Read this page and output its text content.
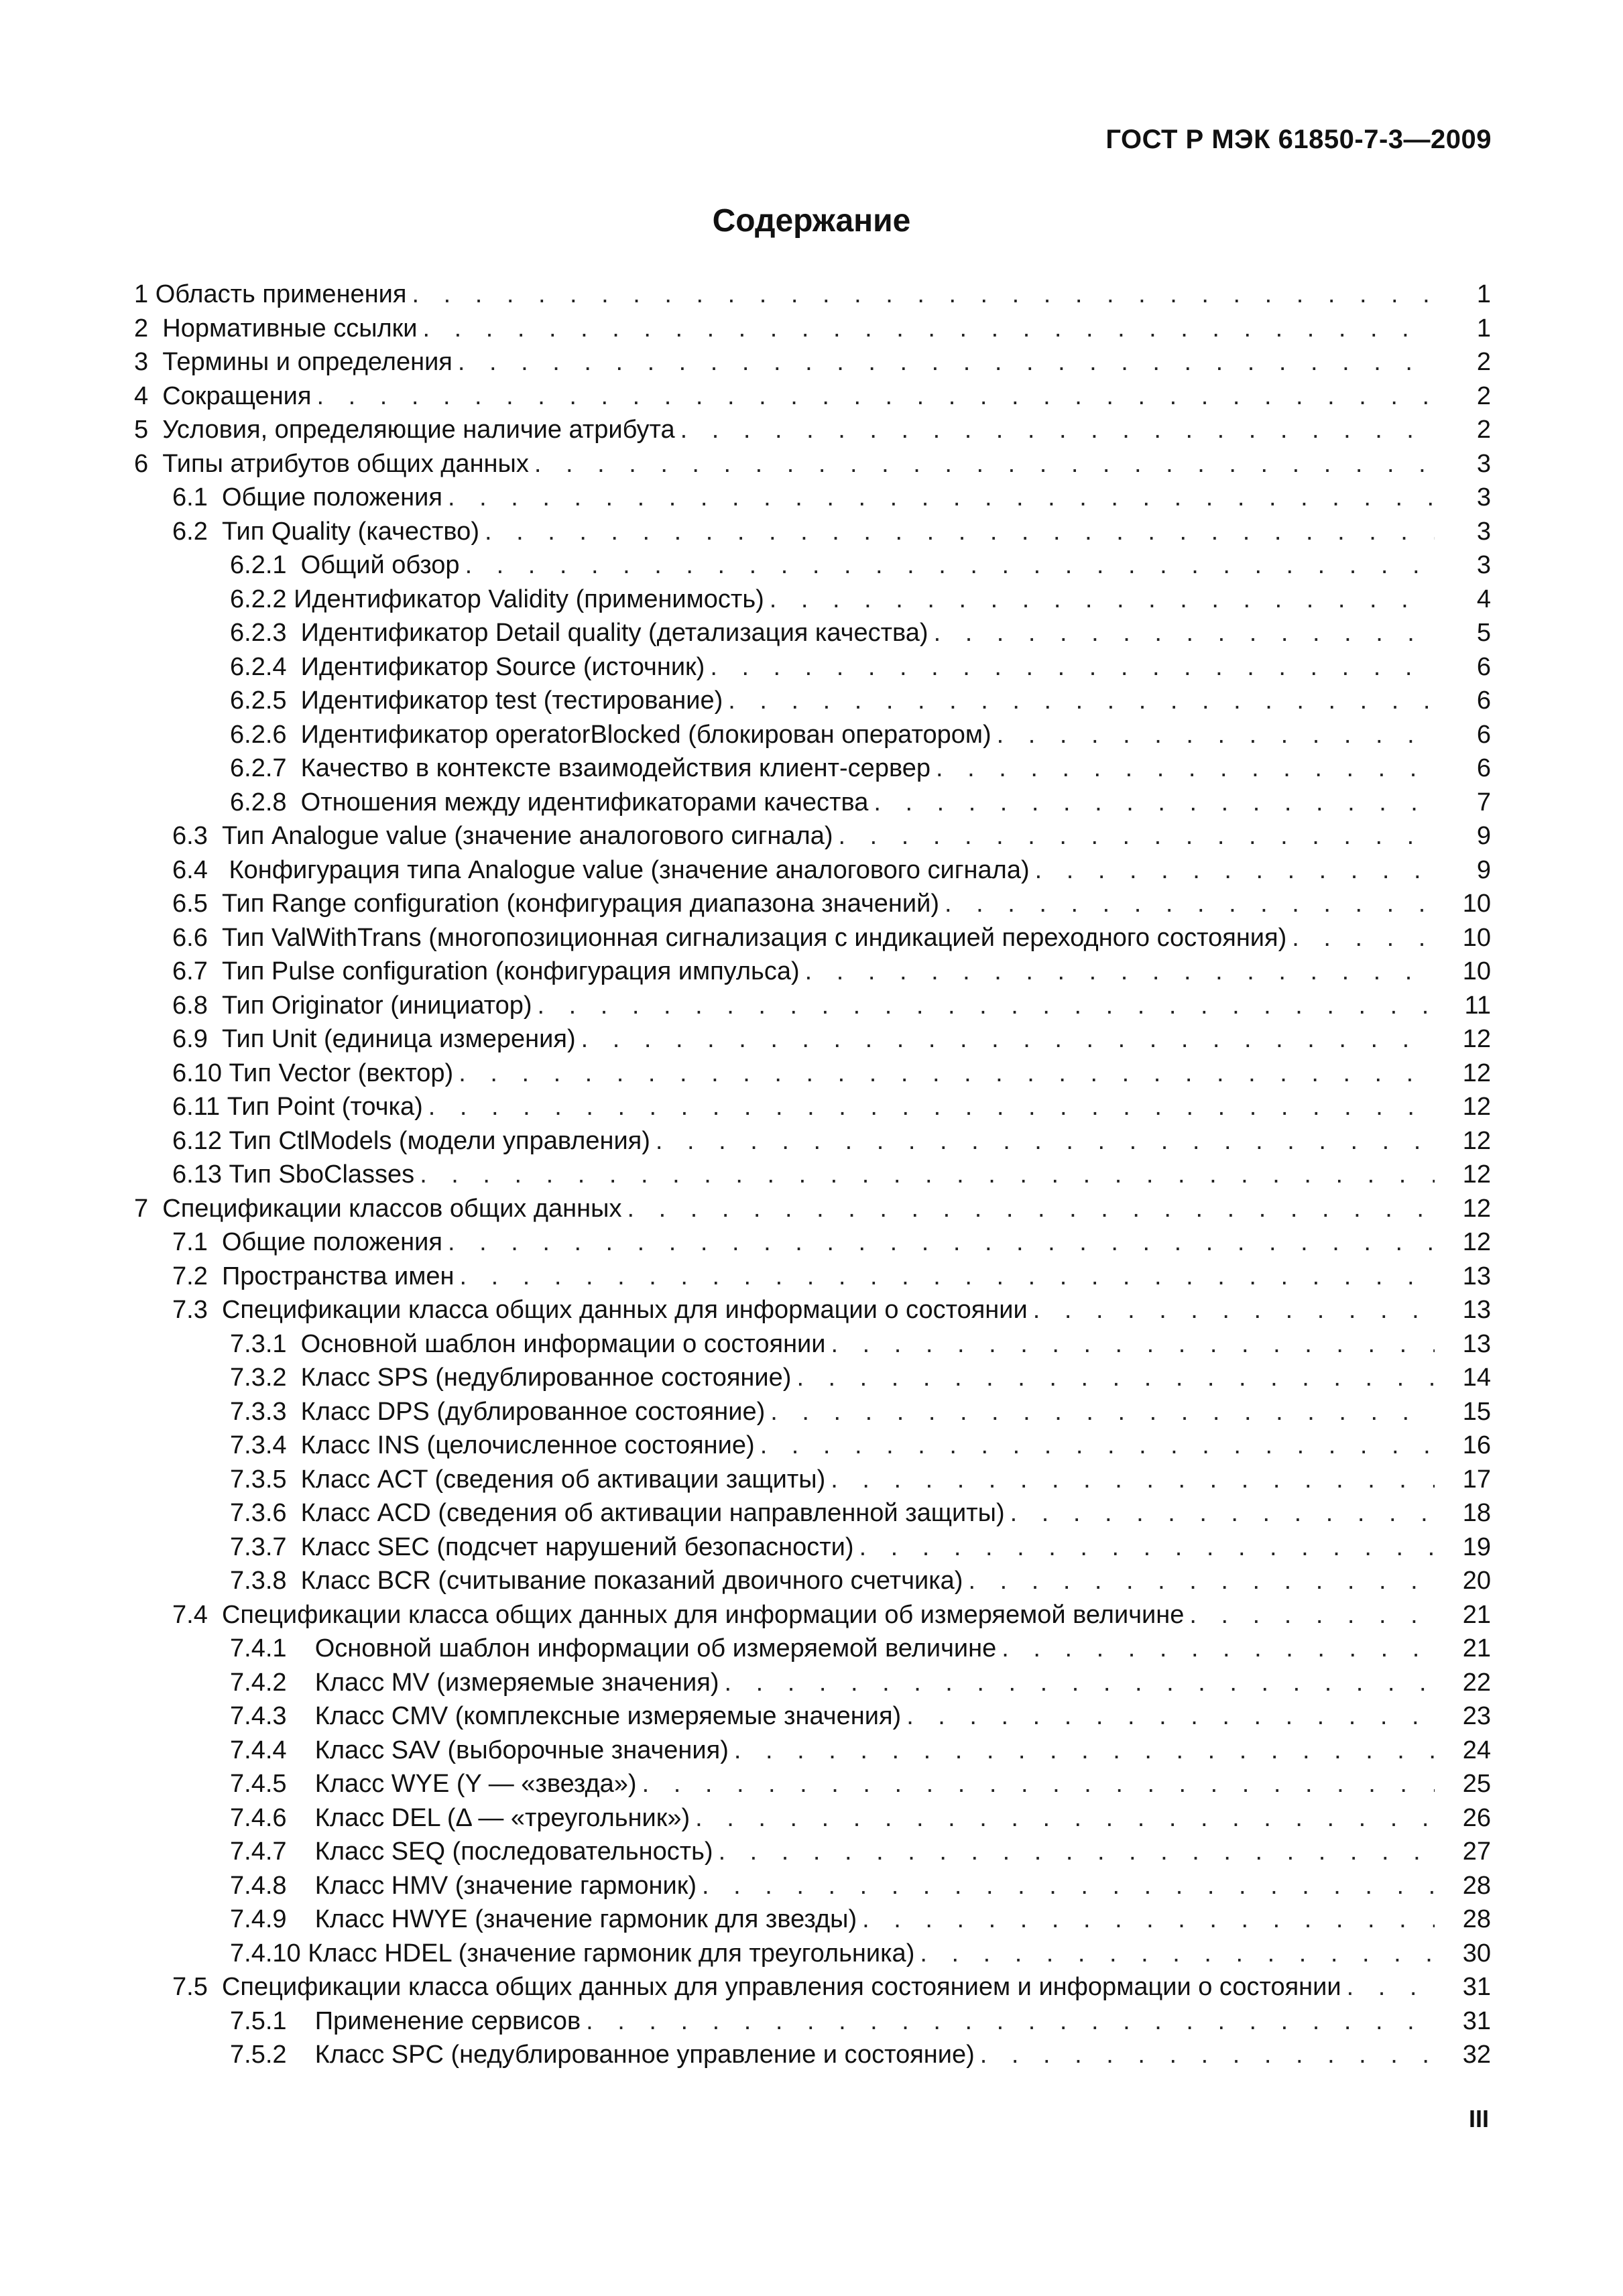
ГОСТ Р МЭК 61850-7-3—2009
Содержание
1 Область применения . . .	1
2  Нормативные ссылки . . .	1
3  Термины и определения . . .	2
4  Сокращения . . .	2
5  Условия, определяющие наличие атрибута . . .	2
6  Типы атрибутов общих данных . . .	3
6.1  Общие положения . . .	3
6.2  Тип Quality (качество) . . .	3
6.2.1  Общий обзор . . .	3
6.2.2 Идентификатор Validity (применимость) . . .	4
6.2.3  Идентификатор Detail quality (детализация качества) . . .	5
6.2.4  Идентификатор Source (источник) . . .	6
6.2.5  Идентификатор test (тестирование) . . .	6
6.2.6  Идентификатор operatorBlocked (блокирован оператором) . . .	6
6.2.7  Качество в контексте взаимодействия клиент-сервер . . .	6
6.2.8  Отношения между идентификаторами качества . . .	7
6.3  Тип Analogue value (значение аналогового сигнала) . . .	9
6.4   Конфигурация типа Analogue value (значение аналогового сигнала) . . .	9
6.5  Тип Range configuration (конфигурация диапазона значений) . . .	10
6.6  Тип ValWithTrans (многопозиционная сигнализация с индикацией переходного состояния) . . .	10
6.7  Тип Pulse configuration (конфигурация импульса) . . .	10
6.8  Тип Originator (инициатор) . . .	11
6.9  Тип Unit (единица измерения) . . .	12
6.10 Тип Vector (вектор) . . .	12
6.11 Тип Point (точка) . . .	12
6.12 Тип CtlModels (модели управления) . . .	12
6.13 Тип SboClasses . . .	12
7  Спецификации классов общих данных . . .	12
7.1  Общие положения . . .	12
7.2  Пространства имен . . .	13
7.3  Спецификации класса общих данных для информации о состоянии . . .	13
7.3.1  Основной шаблон информации о состоянии . . .	13
7.3.2  Класс SPS (недублированное состояние) . . .	14
7.3.3  Класс DPS (дублированное состояние) . . .	15
7.3.4  Класс INS (целочисленное состояние) . . .	16
7.3.5  Класс ACT (сведения об активации защиты) . . .	17
7.3.6  Класс ACD (сведения об активации направленной защиты) . . .	18
7.3.7  Класс SEC (подсчет нарушений безопасности) . . .	19
7.3.8  Класс BCR (считывание показаний двоичного счетчика) . . .	20
7.4  Спецификации класса общих данных для информации об измеряемой величине . . .	21
7.4.1    Основной шаблон информации об измеряемой величине . . .	21
7.4.2    Класс MV (измеряемые значения) . . .	22
7.4.3    Класс CMV (комплексные измеряемые значения) . . .	23
7.4.4    Класс SAV (выборочные значения) . . .	24
7.4.5    Класс WYE (Y — «звезда») . . .	25
7.4.6    Класс DEL (Δ — «треугольник») . . .	26
7.4.7    Класс SEQ (последовательность) . . .	27
7.4.8    Класс HMV (значение гармоник) . . .	28
7.4.9    Класс HWYE (значение гармоник для звезды) . . .	28
7.4.10 Класс HDEL (значение гармоник для треугольника) . . .	30
7.5  Спецификации класса общих данных для управления состоянием и информации о состоянии . . .	31
7.5.1    Применение сервисов . . .	31
7.5.2    Класс SPC (недублированное управление и состояние) . . .	32
III
